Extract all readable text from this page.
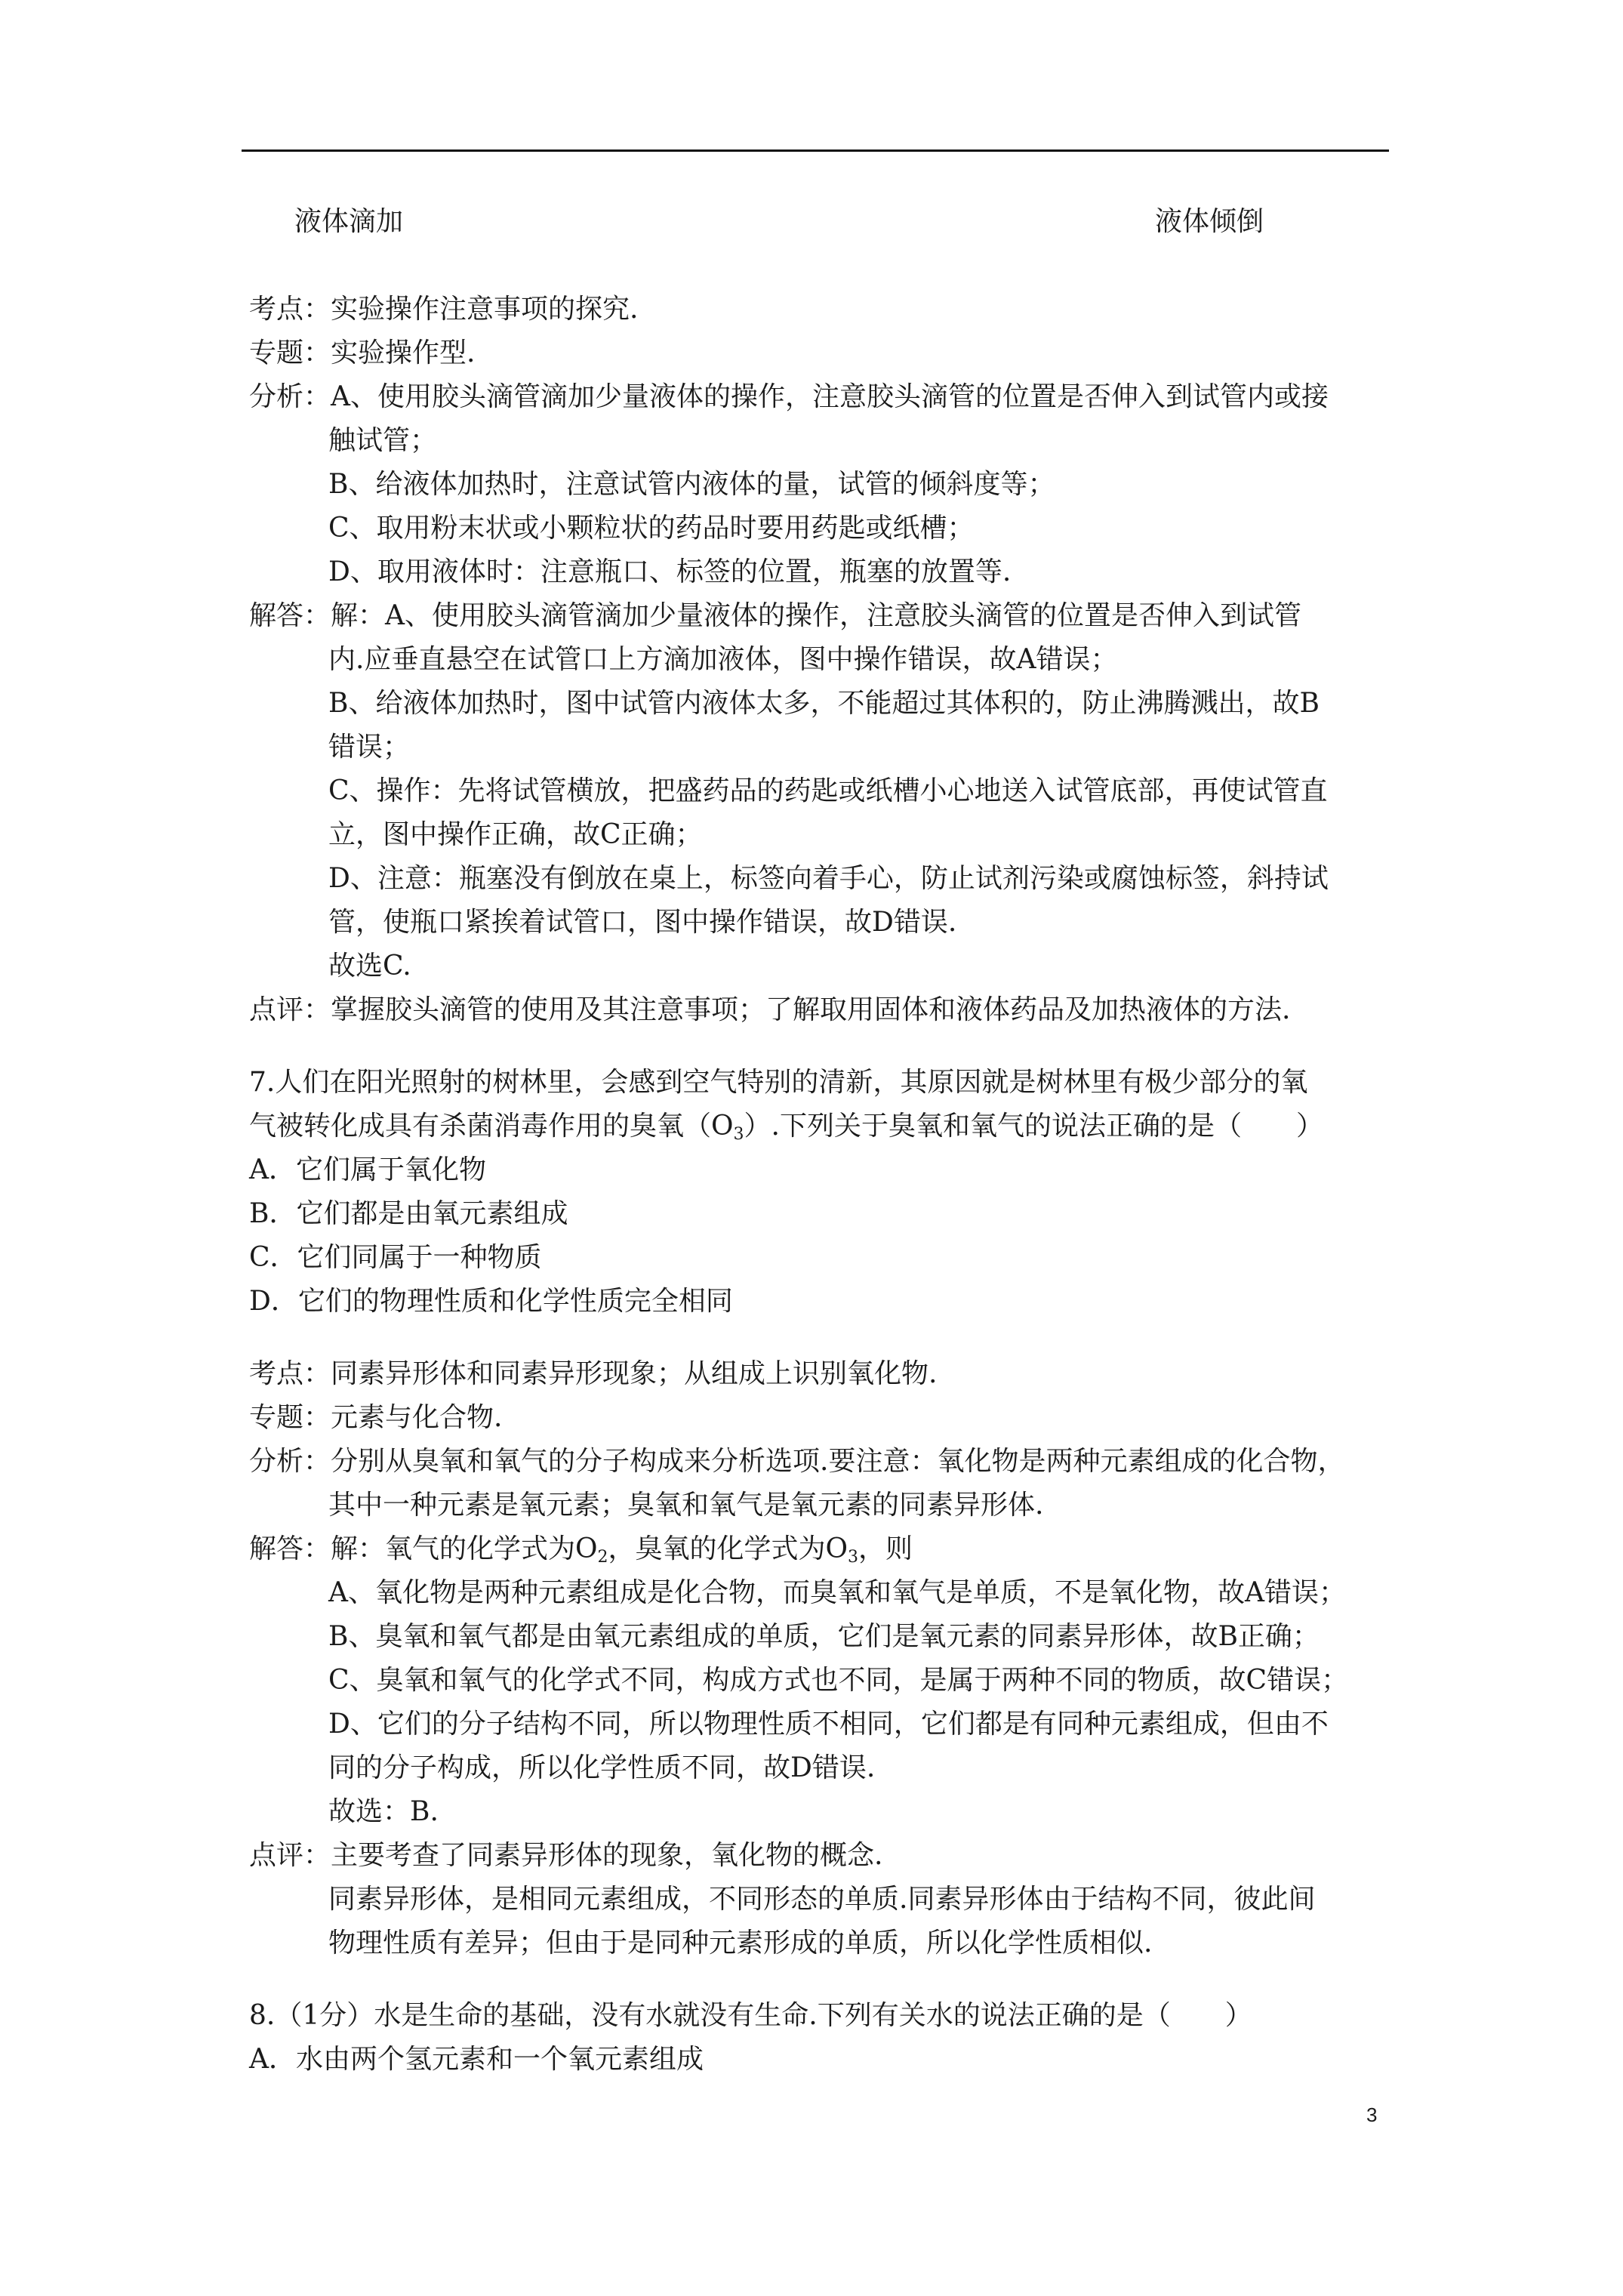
液体滴加	液体倾倒
考点：实验操作注意事项的探究.
专题：实验操作型.
分析：A、使用胶头滴管滴加少量液体的操作，注意胶头滴管的位置是否伸入到试管内或接
触试管；
B、给液体加热时，注意试管内液体的量，试管的倾斜度等；
C、取用粉末状或小颗粒状的药品时要用药匙或纸槽；
D、取用液体时：注意瓶口、标签的位置，瓶塞的放置等.
解答：解：A、使用胶头滴管滴加少量液体的操作，注意胶头滴管的位置是否伸入到试管
内.应垂直悬空在试管口上方滴加液体，图中操作错误，故A错误；
B、给液体加热时，图中试管内液体太多，不能超过其体积的，防止沸腾溅出，故B
错误；
C、操作：先将试管横放，把盛药品的药匙或纸槽小心地送入试管底部，再使试管直
立，图中操作正确，故C正确；
D、注意：瓶塞没有倒放在桌上，标签向着手心，防止试剂污染或腐蚀标签，斜持试
管，使瓶口紧挨着试管口，图中操作错误，故D错误.
故选C.
点评：掌握胶头滴管的使用及其注意事项；了解取用固体和液体药品及加热液体的方法.
7.人们在阳光照射的树林里，会感到空气特别的清新，其原因就是树林里有极少部分的氧
气被转化成具有杀菌消毒作用的臭氧$(O_3)$.下列关于臭氧和氧气的说法正确的是（　　）
A．它们属于氧化物
B．它们都是由氧元素组成
C．它们同属于一种物质
D．它们的物理性质和化学性质完全相同
考点：同素异形体和同素异形现象；从组成上识别氧化物.
专题：元素与化合物.
分析：分别从臭氧和氧气的分子构成来分析选项.要注意：氧化物是两种元素组成的化合物，
其中一种元素是氧元素；臭氧和氧气是氧元素的同素异形体.
解答：解：氧气的化学式为$O_2$，臭氧的化学式为$O_3$，则
A、氧化物是两种元素组成是化合物，而臭氧和氧气是单质，不是氧化物，故A错误；
B、臭氧和氧气都是由氧元素组成的单质，它们是氧元素的同素异形体，故B正确；
C、臭氧和氧气的化学式不同，构成方式也不同，是属于两种不同的物质，故C错误；
D、它们的分子结构不同，所以物理性质不相同，它们都是有同种元素组成，但由不
同的分子构成，所以化学性质不同，故D错误.
故选：B.
点评：主要考查了同素异形体的现象，氧化物的概念.
同素异形体，是相同元素组成，不同形态的单质.同素异形体由于结构不同，彼此间
物理性质有差异；但由于是同种元素形成的单质，所以化学性质相似.
8.（1分）水是生命的基础，没有水就没有生命.下列有关水的说法正确的是（　　）
A．水由两个氢元素和一个氧元素组成
3
